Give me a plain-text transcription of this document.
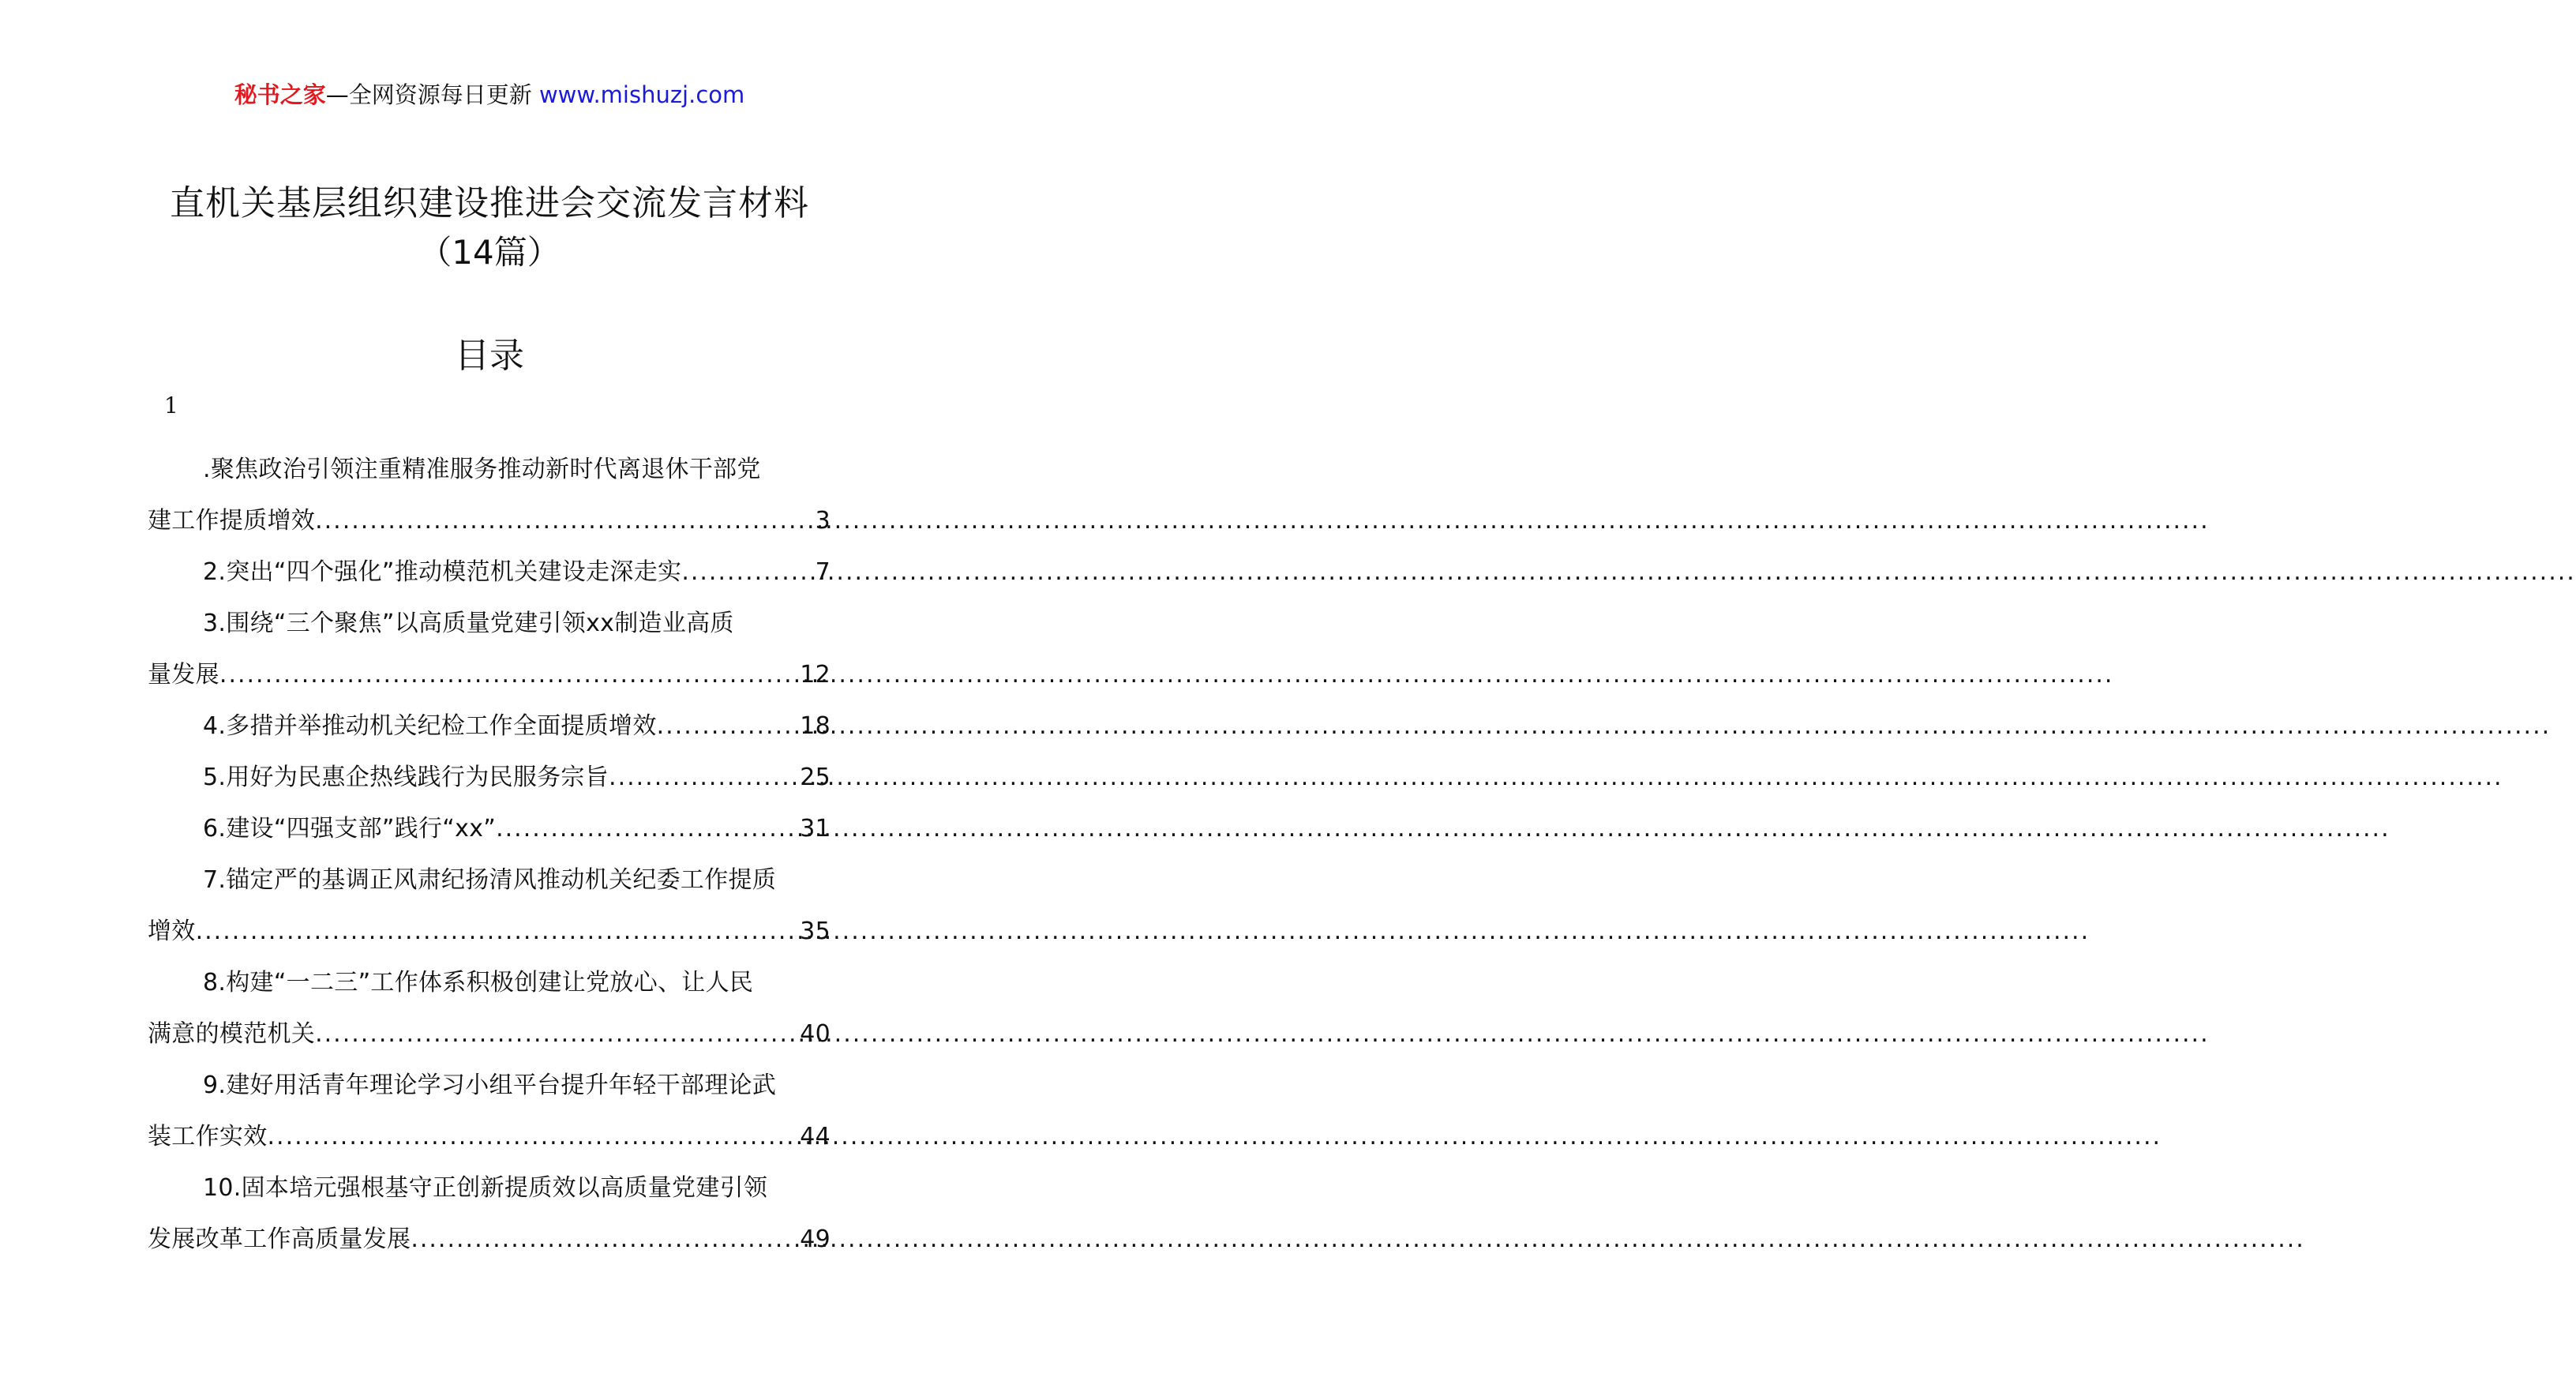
秘书之家—全网资源每日更新 www.mishuzj.com
直机关基层组织建设推进会交流发言材料
（14篇）
目录
1
.聚焦政治引领注重精准服务推动新时代离退休干部党
建工作提质增效 .....	3
2.突出“四个强化”推动模范机关建设走深走实 .....	7
3.围绕“三个聚焦”以高质量党建引领xx制造业高质
量发展 .....	12
4.多措并举推动机关纪检工作全面提质增效 .....	18
5.用好为民惠企热线践行为民服务宗旨 .....	25
6.建设“四强支部”践行“xx” .....	31
7.锚定严的基调正风肃纪扬清风推动机关纪委工作提质
增效 .....	35
8.构建“一二三”工作体系积极创建让党放心、让人民
满意的模范机关 .....	40
9.建好用活青年理论学习小组平台提升年轻干部理论武
装工作实效 .....	44
10.固本培元强根基守正创新提质效以高质量党建引领
发展改革工作高质量发展 .....	49
